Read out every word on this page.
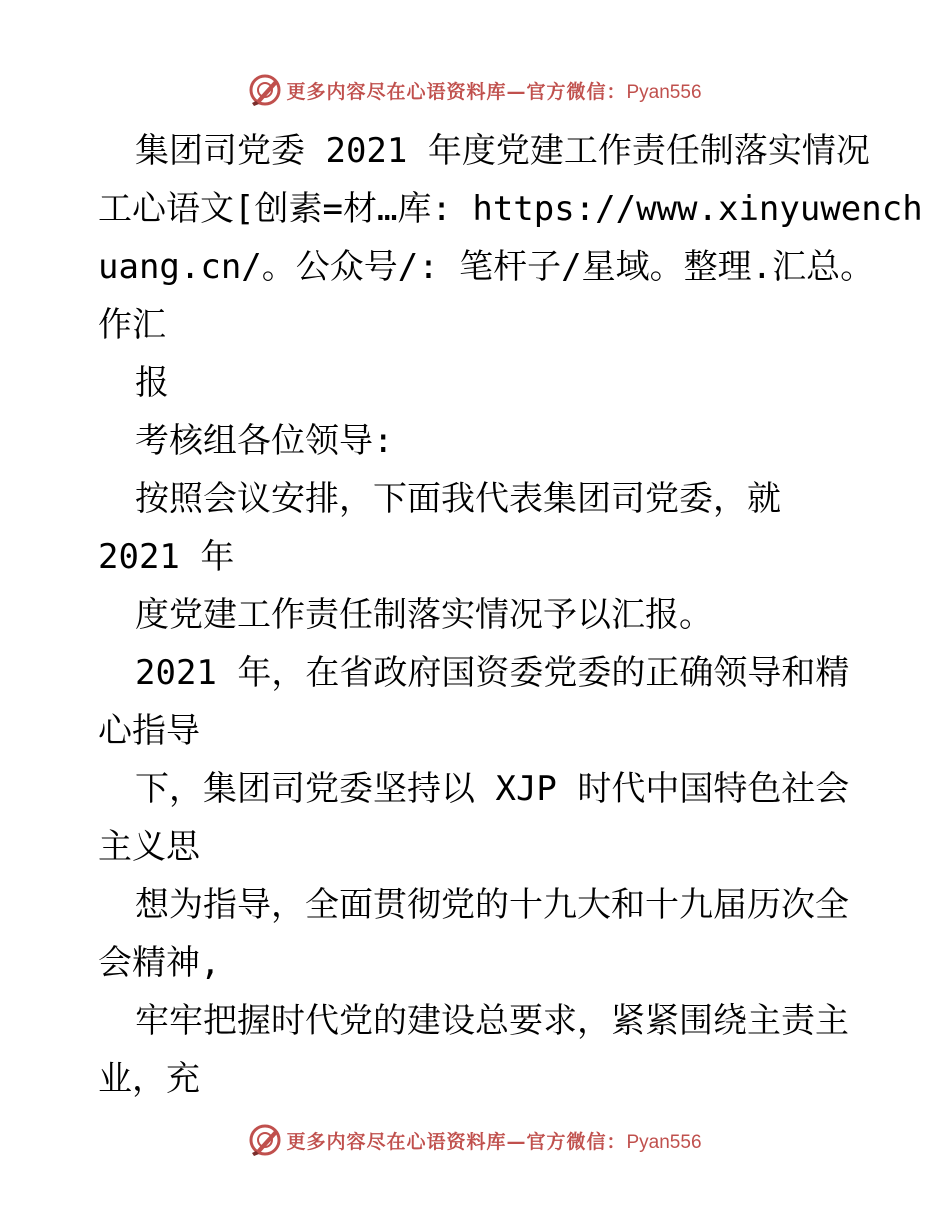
更多内容尽在心语资料库—官方微信：Pyan556
集团司党委 2021 年度党建工作责任制落实情况
工心语文[创素=材…库: https://www.xinyuwench
uang.cn/。公众号/: 笔杆子/星域。整理.汇总。
作汇
报
考核组各位领导:
按照会议安排，下面我代表集团司党委，就
2021 年
度党建工作责任制落实情况予以汇报。
2021 年，在省政府国资委党委的正确领导和精
心指导
下，集团司党委坚持以 XJP 时代中国特色社会
主义思
想为指导，全面贯彻党的十九大和十九届历次全
会精神,
牢牢把握时代党的建设总要求，紧紧围绕主责主
业，充
更多内容尽在心语资料库—官方微信：Pyan556
